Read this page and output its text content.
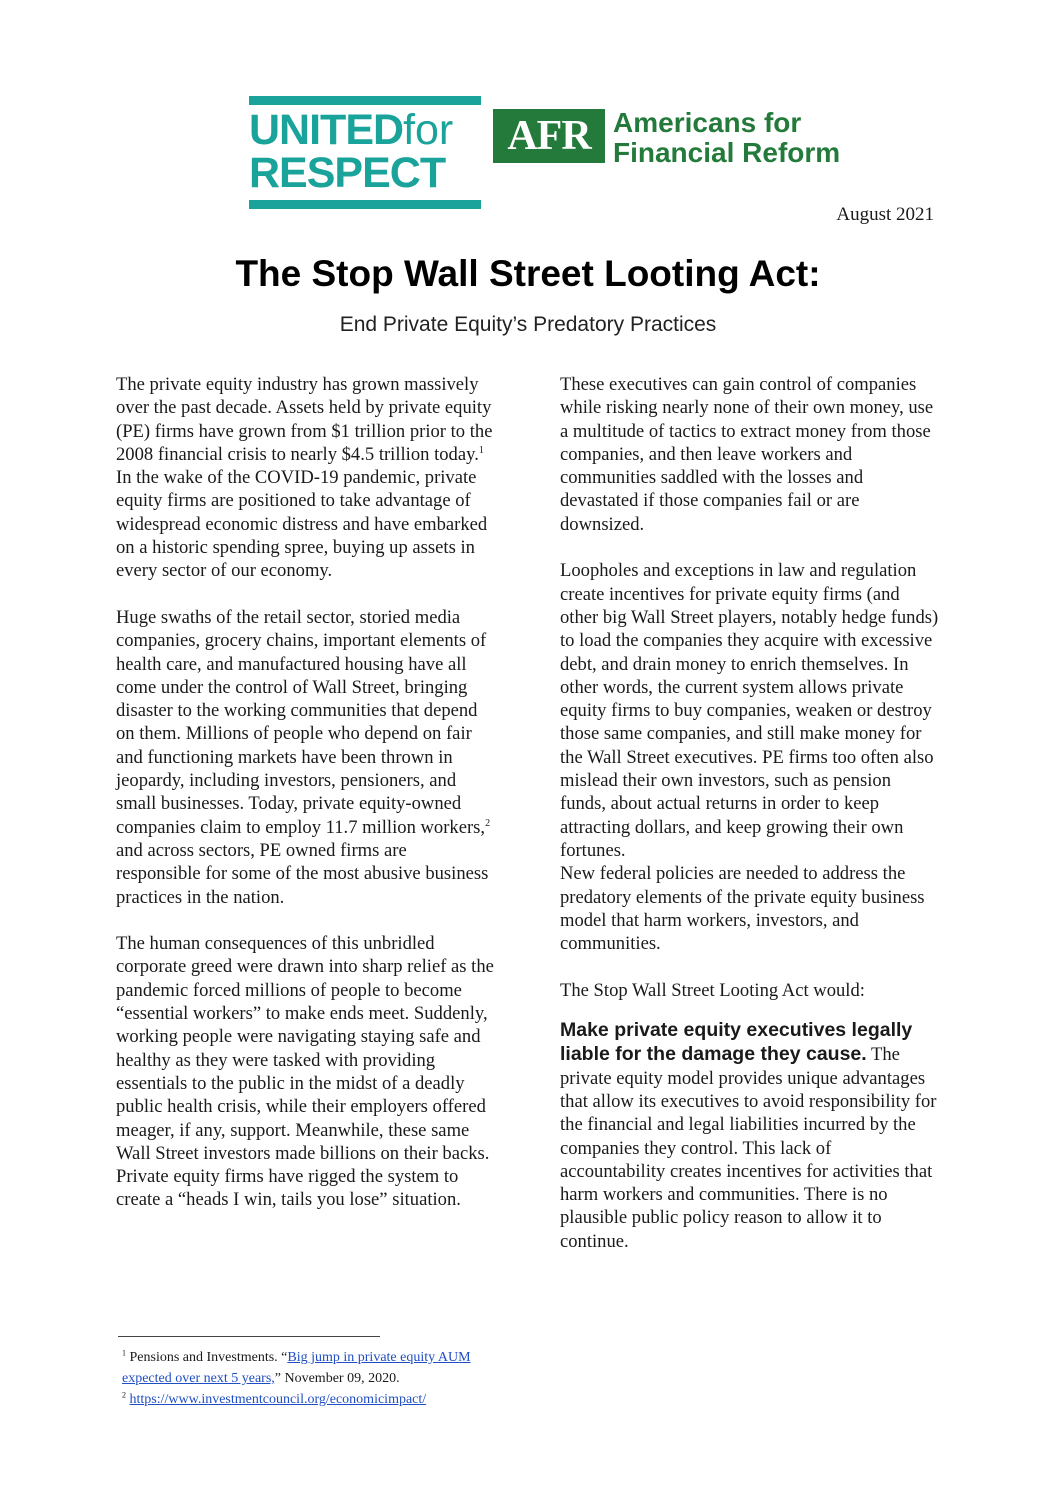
UNITEDfor
RESPECT
AFR Americans for
Financial Reform
August 2021
The Stop Wall Street Looting Act:
End Private Equity’s Predatory Practices

The private equity industry has grown massively over the past decade. Assets held by private equity (PE) firms have grown from $1 trillion prior to the 2008 financial crisis to nearly $4.5 trillion today.$^1$ In the wake of the COVID-19 pandemic, private equity firms are positioned to take advantage of widespread economic distress and have embarked on a historic spending spree, buying up assets in every sector of our economy.

Huge swaths of the retail sector, storied media companies, grocery chains, important elements of health care, and manufactured housing have all come under the control of Wall Street, bringing disaster to the working communities that depend on them. Millions of people who depend on fair and functioning markets have been thrown in jeopardy, including investors, pensioners, and small businesses. Today, private equity-owned companies claim to employ 11.7 million workers,$^2$ and across sectors, PE owned firms are responsible for some of the most abusive business practices in the nation.

The human consequences of this unbridled corporate greed were drawn into sharp relief as the pandemic forced millions of people to become “essential workers” to make ends meet. Suddenly, working people were navigating staying safe and healthy as they were tasked with providing essentials to the public in the midst of a deadly public health crisis, while their employers offered meager, if any, support. Meanwhile, these same Wall Street investors made billions on their backs. Private equity firms have rigged the system to create a “heads I win, tails you lose” situation.

These executives can gain control of companies while risking nearly none of their own money, use a multitude of tactics to extract money from those companies, and then leave workers and communities saddled with the losses and devastated if those companies fail or are downsized.

Loopholes and exceptions in law and regulation create incentives for private equity firms (and other big Wall Street players, notably hedge funds) to load the companies they acquire with excessive debt, and drain money to enrich themselves. In other words, the current system allows private equity firms to buy companies, weaken or destroy those same companies, and still make money for the Wall Street executives. PE firms too often also mislead their own investors, such as pension funds, about actual returns in order to keep attracting dollars, and keep growing their own fortunes.

New federal policies are needed to address the predatory elements of the private equity business model that harm workers, investors, and communities.

The Stop Wall Street Looting Act would:

Make private equity executives legally liable for the damage they cause. The private equity model provides unique advantages that allow its executives to avoid responsibility for the financial and legal liabilities incurred by the companies they control. This lack of accountability creates incentives for activities that harm workers and communities. There is no plausible public policy reason to allow it to continue.

$^1$ Pensions and Investments. “Big jump in private equity AUM expected over next 5 years,” November 09, 2020.
$^2$ https://www.investmentcouncil.org/economicimpact/
